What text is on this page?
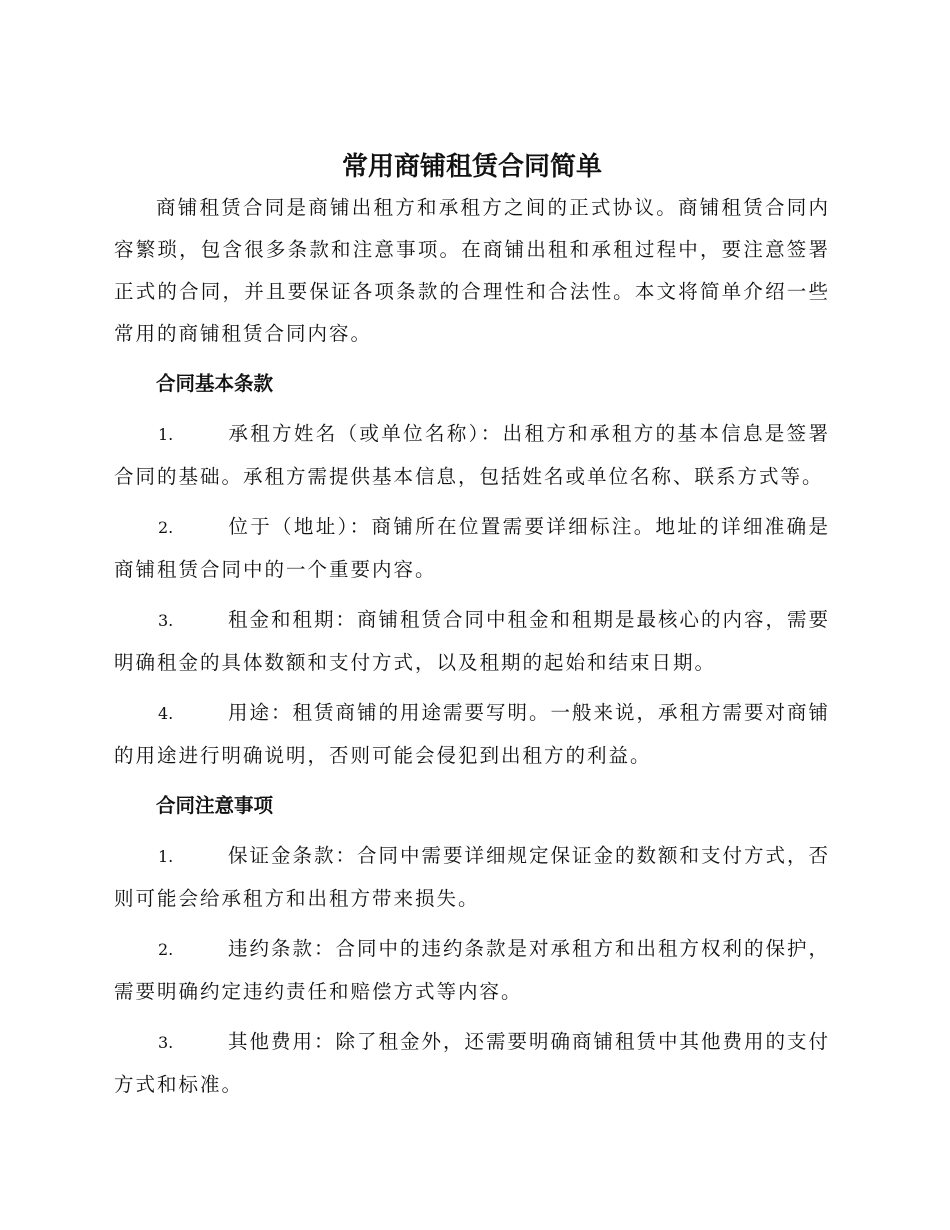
常用商铺租赁合同简单

商铺租赁合同是商铺出租方和承租方之间的正式协议。商铺租赁合同内容繁琐，包含很多条款和注意事项。在商铺出租和承租过程中，要注意签署正式的合同，并且要保证各项条款的合理性和合法性。本文将简单介绍一些常用的商铺租赁合同内容。

合同基本条款
1.	承租方姓名（或单位名称）：出租方和承租方的基本信息是签署合同的基础。承租方需提供基本信息，包括姓名或单位名称、联系方式等。
2.	位于（地址）：商铺所在位置需要详细标注。地址的详细准确是商铺租赁合同中的一个重要内容。
3.	租金和租期：商铺租赁合同中租金和租期是最核心的内容，需要明确租金的具体数额和支付方式，以及租期的起始和结束日期。
4.	用途：租赁商铺的用途需要写明。一般来说，承租方需要对商铺的用途进行明确说明，否则可能会侵犯到出租方的利益。
合同注意事项
1.	保证金条款：合同中需要详细规定保证金的数额和支付方式，否则可能会给承租方和出租方带来损失。
2.	违约条款：合同中的违约条款是对承租方和出租方权利的保护，需要明确约定违约责任和赔偿方式等内容。
3.	其他费用：除了租金外，还需要明确商铺租赁中其他费用的支付方式和标准。
